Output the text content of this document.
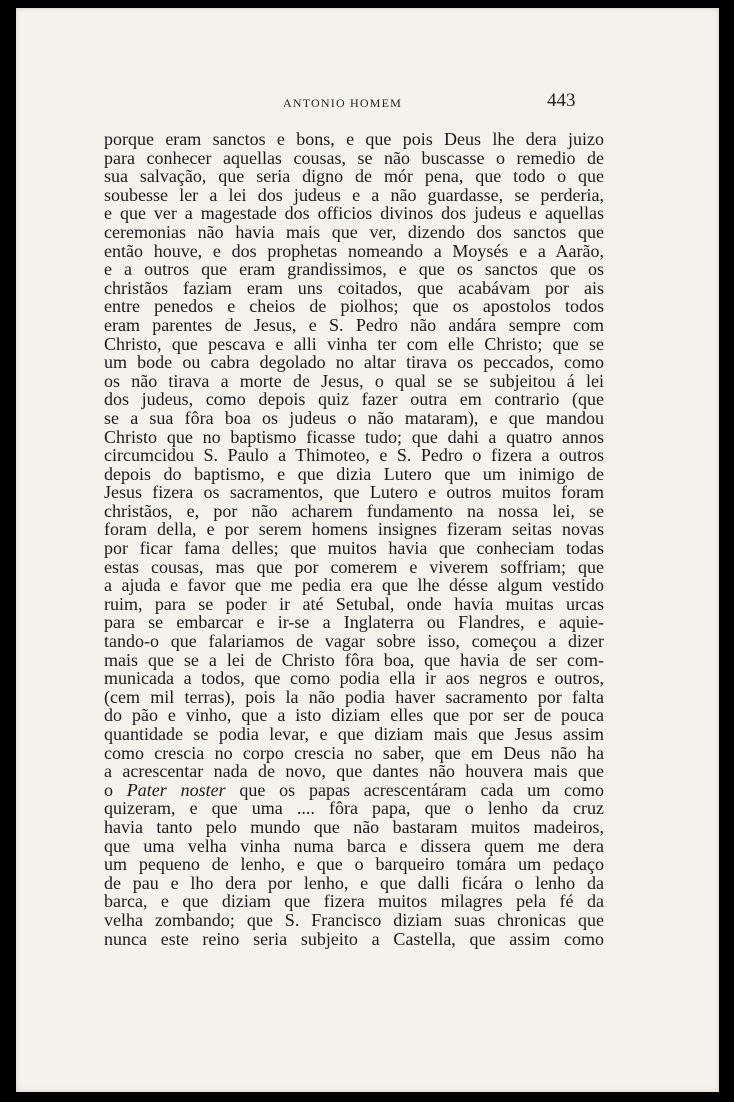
ANTONIO HOMEM	443
porque eram sanctos e bons, e que pois Deus lhe dera juizo
para conhecer aquellas cousas, se não buscasse o remedio de
sua salvação, que seria digno de mór pena, que todo o que
soubesse ler a lei dos judeus e a não guardasse, se perderia,
e que ver a magestade dos officios divinos dos judeus e aquellas
ceremonias não havia mais que ver, dizendo dos sanctos que
então houve, e dos prophetas nomeando a Moysés e a Aarão,
e a outros que eram grandissimos, e que os sanctos que os
christãos faziam eram uns coitados, que acabávam por ais
entre penedos e cheios de piolhos; que os apostolos todos
eram parentes de Jesus, e S. Pedro não andára sempre com
Christo, que pescava e alli vinha ter com elle Christo; que se
um bode ou cabra degolado no altar tirava os peccados, como
os não tirava a morte de Jesus, o qual se se subjeitou á lei
dos judeus, como depois quiz fazer outra em contrario (que
se a sua fôra boa os judeus o não mataram), e que mandou
Christo que no baptismo ficasse tudo; que dahi a quatro annos
circumcidou S. Paulo a Thimoteo, e S. Pedro o fizera a outros
depois do baptismo, e que dizia Lutero que um inimigo de
Jesus fizera os sacramentos, que Lutero e outros muitos foram
christãos, e, por não acharem fundamento na nossa lei, se
foram della, e por serem homens insignes fizeram seitas novas
por ficar fama delles; que muitos havia que conheciam todas
estas cousas, mas que por comerem e viverem soffriam; que
a ajuda e favor que me pedia era que lhe désse algum vestido
ruim, para se poder ir até Setubal, onde havia muitas urcas
para se embarcar e ir-se a Inglaterra ou Flandres, e aquie-
tando-o que falariamos de vagar sobre isso, começou a dizer
mais que se a lei de Christo fôra boa, que havia de ser com-
municada a todos, que como podia ella ir aos negros e outros,
(cem mil terras), pois la não podia haver sacramento por falta
do pão e vinho, que a isto diziam elles que por ser de pouca
quantidade se podia levar, e que diziam mais que Jesus assim
como crescia no corpo crescia no saber, que em Deus não ha
a acrescentar nada de novo, que dantes não houvera mais que
o Pater noster que os papas acrescentáram cada um como
quizeram, e que uma .... fôra papa, que o lenho da cruz
havia tanto pelo mundo que não bastaram muitos madeiros,
que uma velha vinha numa barca e dissera quem me dera
um pequeno de lenho, e que o barqueiro tomára um pedaço
de pau e lho dera por lenho, e que dalli ficára o lenho da
barca, e que diziam que fizera muitos milagres pela fé da
velha zombando; que S. Francisco diziam suas chronicas que
nunca este reino seria subjeito a Castella, que assim como
